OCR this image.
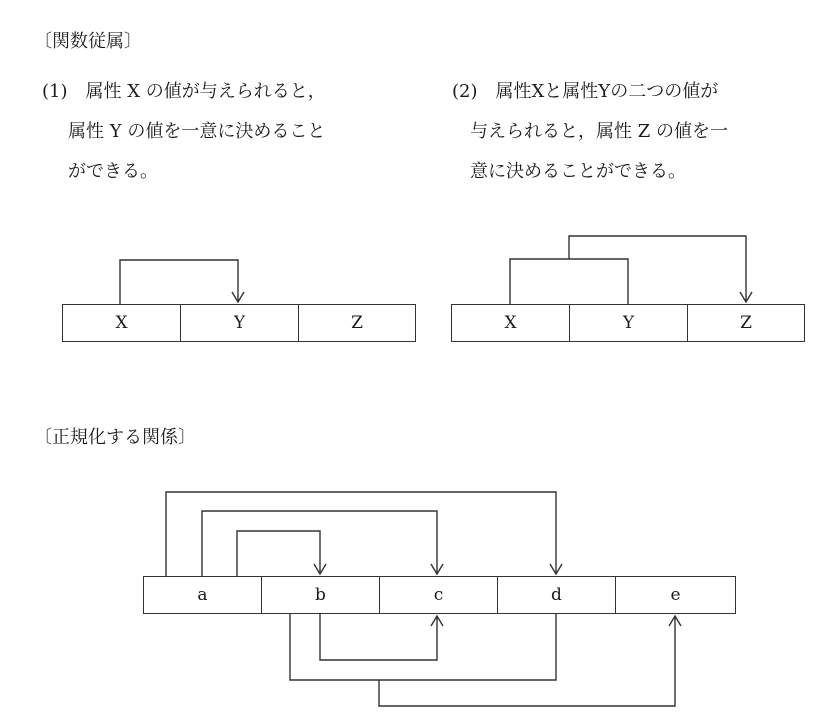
〔関数従属〕
(1)　属性 X の値が与えられると，
属性 Y の値を一意に決めること
ができる。
(2)　属性Xと属性Yの二つの値が
与えられると，属性 Z の値を一
意に決めることができる。
X	Y	Z	X	Y	Z
〔正規化する関係〕
a	b	c	d	e
